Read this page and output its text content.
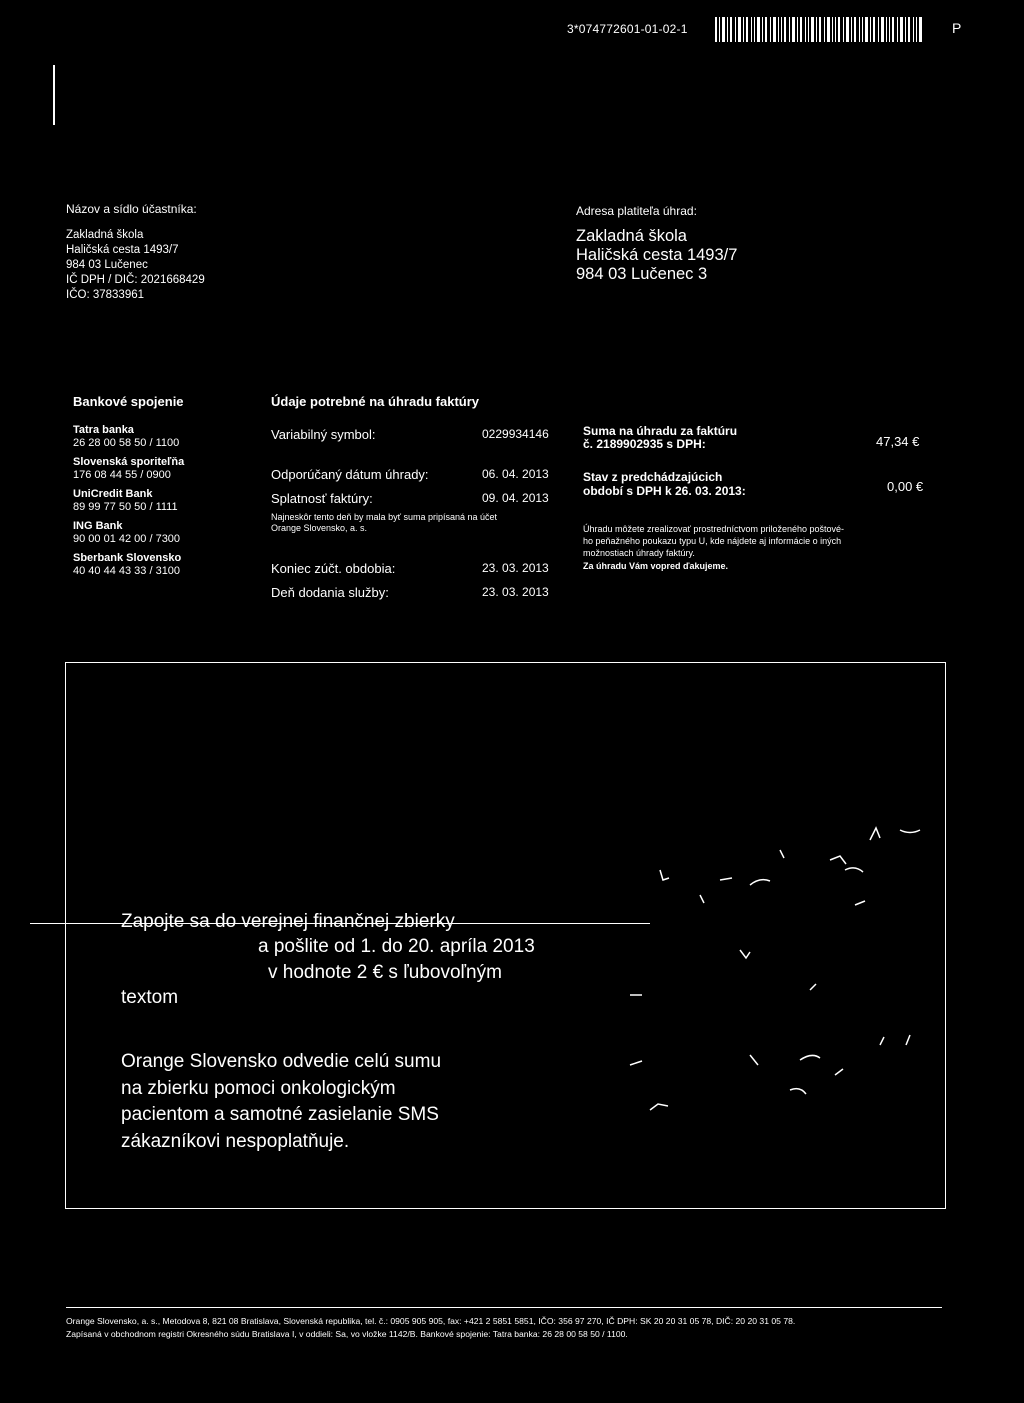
3*074772601-01-02-1	P
Názov a sídlo účastníka:
Zakladná škola
Haličská cesta 1493/7
984 03 Lučenec
IČ DPH / DIČ: 2021668429
IČO: 37833961
Adresa platiteľa úhrad:
Zakladná škola
Haličská cesta 1493/7
984 03 Lučenec 3
Bankové spojenie	Údaje potrebné na úhradu faktúry
Tatra banka
26 28 00 58 50 / 1100
Slovenská sporiteľňa
176 08 44 55 / 0900
UniCredit Bank
89 99 77 50 50 / 1111
ING Bank
90 00 01 42 00 / 7300
Sberbank Slovensko
40 40 44 43 33 / 3100
Variabilný symbol:	0229934146
Odporúčaný dátum úhrady:	06. 04. 2013
Splatnosť faktúry:	09. 04. 2013
Najneskôr tento deň by mala byť suma pripísaná na účet
Orange Slovensko, a. s.
Koniec zúčt. obdobia:	23. 03. 2013
Deň dodania služby:	23. 03. 2013
Suma na úhradu za faktúru
č. 2189902935 s DPH:	47,34 €
Stav z predchádzajúcich
období s DPH k 26. 03. 2013:	0,00 €
Úhradu môžete zrealizovať prostredníctvom priloženého poštové-
ho peňažného poukazu typu U, kde nájdete aj informácie o iných
možnostiach úhrady faktúry.
Za úhradu Vám vopred ďakujeme.
Zapojte sa do verejnej finančnej zbierky
a pošlite od 1. do 20. apríla 2013
v hodnote 2 € s ľubovoľným
textom
Orange Slovensko odvedie celú sumu
na zbierku pomoci onkologickým
pacientom a samotné zasielanie SMS
zákazníkovi nespoplatňuje.
Orange Slovensko, a. s., Metodova 8, 821 08 Bratislava, Slovenská republika, tel. č.: 0905 905 905, fax: +421 2 5851 5851, IČO: 356 97 270, IČ DPH: SK 20 20 31 05 78, DIČ: 20 20 31 05 78.
Zapísaná v obchodnom registri Okresného súdu Bratislava I, v oddieli: Sa, vo vložke 1142/B. Bankové spojenie: Tatra banka: 26 28 00 58 50 / 1100.
